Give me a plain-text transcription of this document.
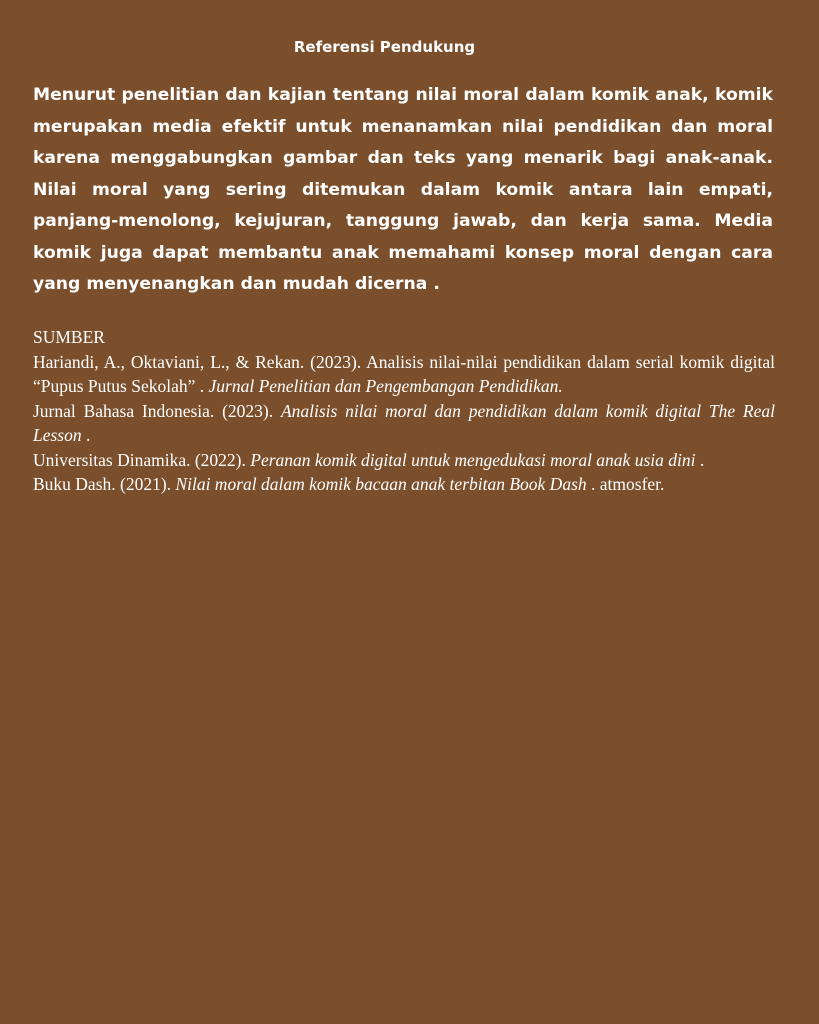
Referensi Pendukung

Menurut penelitian dan kajian tentang nilai moral dalam komik anak, komik merupakan media efektif untuk menanamkan nilai pendidikan dan moral karena menggabungkan gambar dan teks yang menarik bagi anak-anak. Nilai moral yang sering ditemukan dalam komik antara lain empati, panjang-menolong, kejujuran, tanggung jawab, dan kerja sama. Media komik juga dapat membantu anak memahami konsep moral dengan cara yang menyenangkan dan mudah dicerna .

SUMBER

Hariandi, A., Oktaviani, L., & Rekan. (2023). Analisis nilai-nilai pendidikan dalam serial komik digital “Pupus Putus Sekolah” . Jurnal Penelitian dan Pengembangan Pendidikan.

Jurnal Bahasa Indonesia. (2023). Analisis nilai moral dan pendidikan dalam komik digital The Real Lesson .

Universitas Dinamika. (2022). Peranan komik digital untuk mengedukasi moral anak usia dini .

Buku Dash. (2021). Nilai moral dalam komik bacaan anak terbitan Book Dash . atmosfer.
